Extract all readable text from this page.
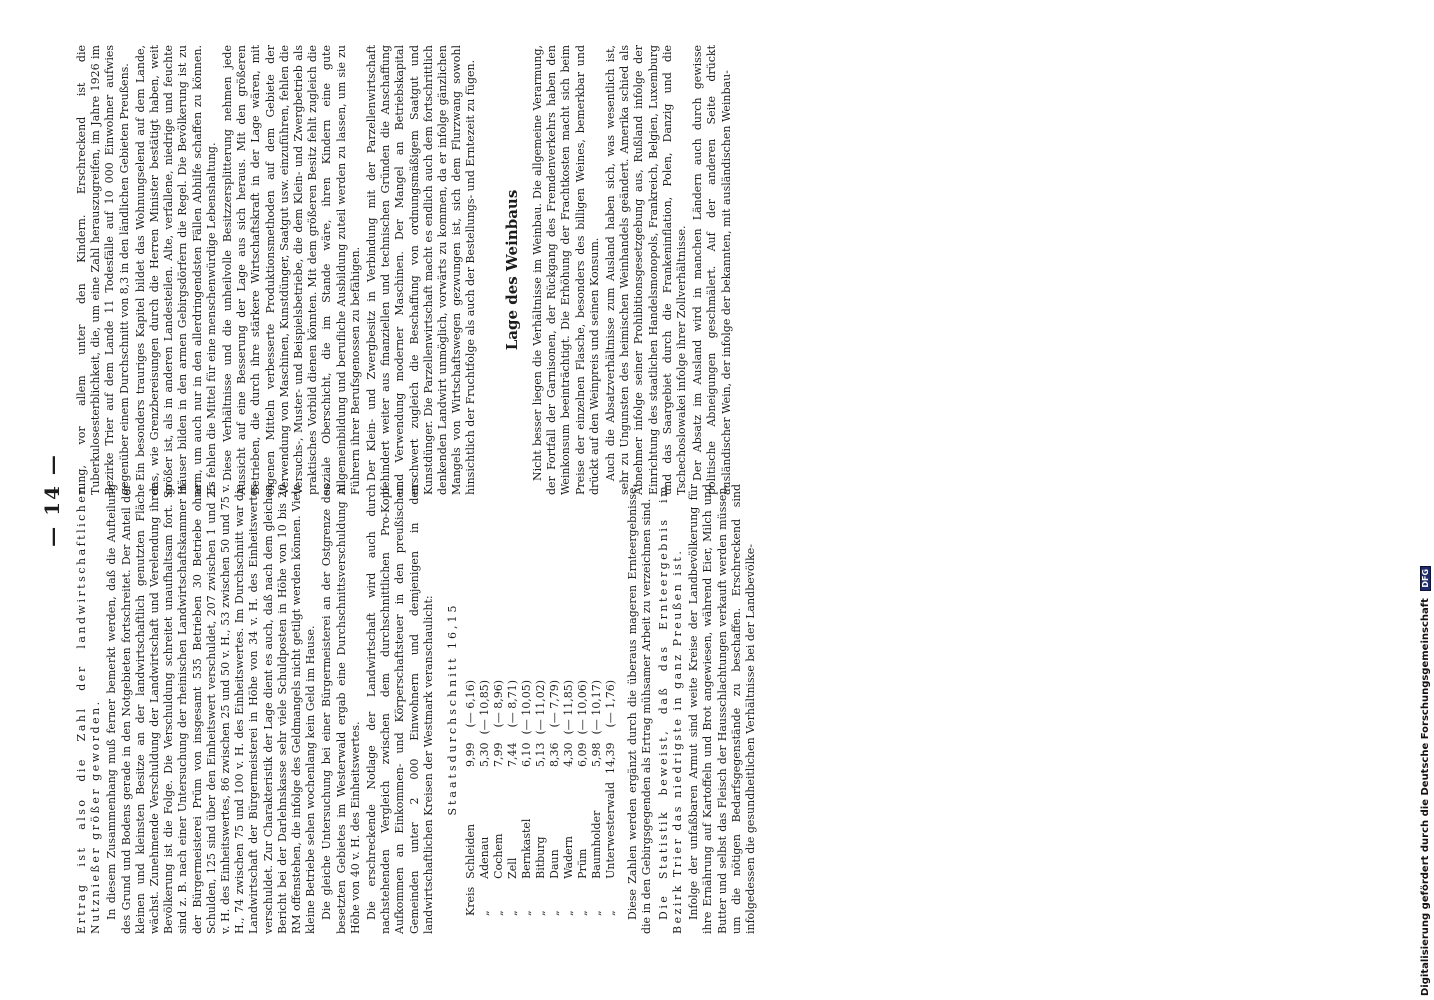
— 14 — Ertrag ist also die Zahl der landwirtschaftlichen Nutznießer größer geworden. In diesem Zusammenhang muß ferner bemerkt werden, daß die Aufteilung des Grund und Bodens gerade in den Notgebieten fortschreitet. Der Anteil der kleinen und kleinsten Besitze an der landwirtschaftlich genutzten Fläche wächst. Zunehmende Verschuldung der Landwirtschaft und Verelendung ihrer Bevölkerung ist die Folge. Die Verschuldung schreitet unaufhaltsam fort. So sind z. B. nach einer Untersuchung der rheinischen Landwirtschaftskammer in der Bürgermeisterei Prüm von insgesamt 535 Betrieben 30 Betriebe ohne Schulden, 125 sind über den Einheitswert verschuldet, 207 zwischen 1 und 25 v. H. des Einheitswertes, 86 zwischen 25 und 50 v. H., 53 zwischen 50 und 75 v. H., 74 zwischen 75 und 100 v. H. des Einheitswertes. Im Durchschnitt war die Landwirtschaft der Bürgermeisterei in Höhe von 34 v. H. des Einheitswertes verschuldet. Zur Charakteristik der Lage dient es auch, daß nach dem gleichen Bericht bei der Darlehnskasse sehr viele Schuldposten in Höhe von 10 bis 20 RM offenstehen, die infolge des Geldmangels nicht getilgt werden können. Viele kleine Betriebe sehen wochenlang kein Geld im Hause. Die gleiche Untersuchung bei einer Bürgermeisterei an der Ostgrenze des besetzten Gebietes im Westerwald ergab eine Durchschnittsverschuldung in Höhe von 40 v. H. des Einheitswertes. Die erschreckende Notlage der Landwirtschaft wird auch durch nachstehenden Vergleich zwischen dem durchschnittlichen Pro-Kopf-Aufkommen an Einkommen- und Körperschaftsteuer in den preußischen Gemeinden unter 2 000 Einwohnern und demjenigen in den landwirtschaftlichen Kreisen der Westmark veranschaulicht: Staatsdurchschnitt 16,15
Kreis	Schleiden	9,99	(— 6,16)
„	Adenau	5,30	(— 10,85)
„	Cochem	7,99	(— 8,96)
„	Zell	7,44	(— 8,71)
„	Bernkastel	6,10	(— 10,05)
„	Bitburg	5,13	(— 11,02)
„	Daun	8,36	(— 7,79)
„	Wadern	4,30	(— 11,85)
„	Prüm	6,09	(— 10,06)
„	Baumholder	5,98	(— 10,17)
„	Unterwesterwald	14,39	(— 1,76) Diese Zahlen werden ergänzt durch die überaus mageren Ernteergebnisse, die in den Gebirgsgegenden als Ertrag mühsamer Arbeit zu verzeichnen sind. Die Statistik beweist, daß das Ernteergebnis im Bezirk Trier das niedrigste in ganz Preußen ist. Infolge der unfaßbaren Armut sind weite Kreise der Landbevölkerung für ihre Ernährung auf Kartoffeln und Brot angewiesen, während Eier, Milch und Butter und selbst das Fleisch der Hausschlachtungen verkauft werden müssen, um die nötigen Bedarfsgegenstände zu beschaffen. Erschreckend sind infolgedessen die gesundheitlichen Verhältnisse bei der Landbevölke-

rung, vor allem unter den Kindern. Erschreckend ist die Tuberkulosesterblichkeit, die, um eine Zahl herauszugreifen, im Jahre 1926 im Bezirke Trier auf dem Lande 11 Todesfälle auf 10 000 Einwohner aufwies gegenüber einem Durchschnitt von 8,3 in den ländlichen Gebieten Preußens. Ein besonders trauriges Kapitel bildet das Wohnungselend auf dem Lande, das, wie Grenzbereisungen durch die Herren Minister bestätigt haben, weit größer ist, als in anderen Landesteilen. Alte, verfallene, niedrige und feuchte Häuser bilden in den armen Gebirgsdörfern die Regel. Die Bevölkerung ist zu arm, um auch nur in den allerdringendsten Fällen Abhilfe schaffen zu können. Es fehlen die Mittel für eine menschenwürdige Lebenshaltung. Diese Verhältnisse und die unheilvolle Besitzzersplitterung nehmen jede Aussicht auf eine Besserung der Lage aus sich heraus. Mit den größeren Betrieben, die durch ihre stärkere Wirtschaftskraft in der Lage wären, mit eigenen Mitteln verbesserte Produktionsmethoden auf dem Gebiete der Verwendung von Maschinen, Kunstdünger, Saatgut usw. einzuführen, fehlen die Versuchs-, Muster- und Beispielsbetriebe, die dem Klein- und Zwergbetrieb als praktisches Vorbild dienen könnten. Mit dem größeren Besitz fehlt zugleich die soziale Oberschicht, die im Stande wäre, ihren Kindern eine gute Allgemeinbildung und berufliche Ausbildung zuteil werden zu lassen, um sie zu Führern ihrer Berufsgenossen zu befähigen. Der Klein- und Zwergbesitz in Verbindung mit der Parzellenwirtschaft behindert weiter aus finanziellen und technischen Gründen die Anschaffung und Verwendung moderner Maschinen. Der Mangel an Betriebskapital erschwert zugleich die Beschaffung von ordnungsmäßigem Saatgut und Kunstdünger. Die Parzellenwirtschaft macht es endlich auch dem fortschrittlich denkenden Landwirt unmöglich, vorwärts zu kommen, da er infolge gänzlichen Mangels von Wirtschaftswegen gezwungen ist, sich dem Flurzwang sowohl hinsichtlich der Fruchtfolge als auch der Bestellungs- und Erntezeit zu fügen. Lage des Weinbaus Nicht besser liegen die Verhältnisse im Weinbau. Die allgemeine Verarmung, der Fortfall der Garnisonen, der Rückgang des Fremdenverkehrs haben den Weinkonsum beeinträchtigt. Die Erhöhung der Frachtkosten macht sich beim Preise der einzelnen Flasche, besonders des billigen Weines, bemerkbar und drückt auf den Weinpreis und seinen Konsum. Auch die Absatzverhältnisse zum Ausland haben sich, was wesentlich ist, sehr zu Ungunsten des heimischen Weinhandels geändert. Amerika schied als Abnehmer infolge seiner Prohibitionsgesetzgebung aus, Rußland infolge der Einrichtung des staatlichen Handelsmonopols, Frankreich, Belgien, Luxemburg und das Saargebiet durch die Frankeninflation, Polen, Danzig und die Tschechoslowakei infolge ihrer Zollverhältnisse. Der Absatz im Ausland wird in manchen Ländern auch durch gewisse politische Abneigungen geschmälert. Auf der anderen Seite drückt ausländischer Wein, der infolge der bekannten, mit ausländischen Weinbau-

Digitalisierung gefördert durch die Deutsche Forschungsgemeinschaft DFG
